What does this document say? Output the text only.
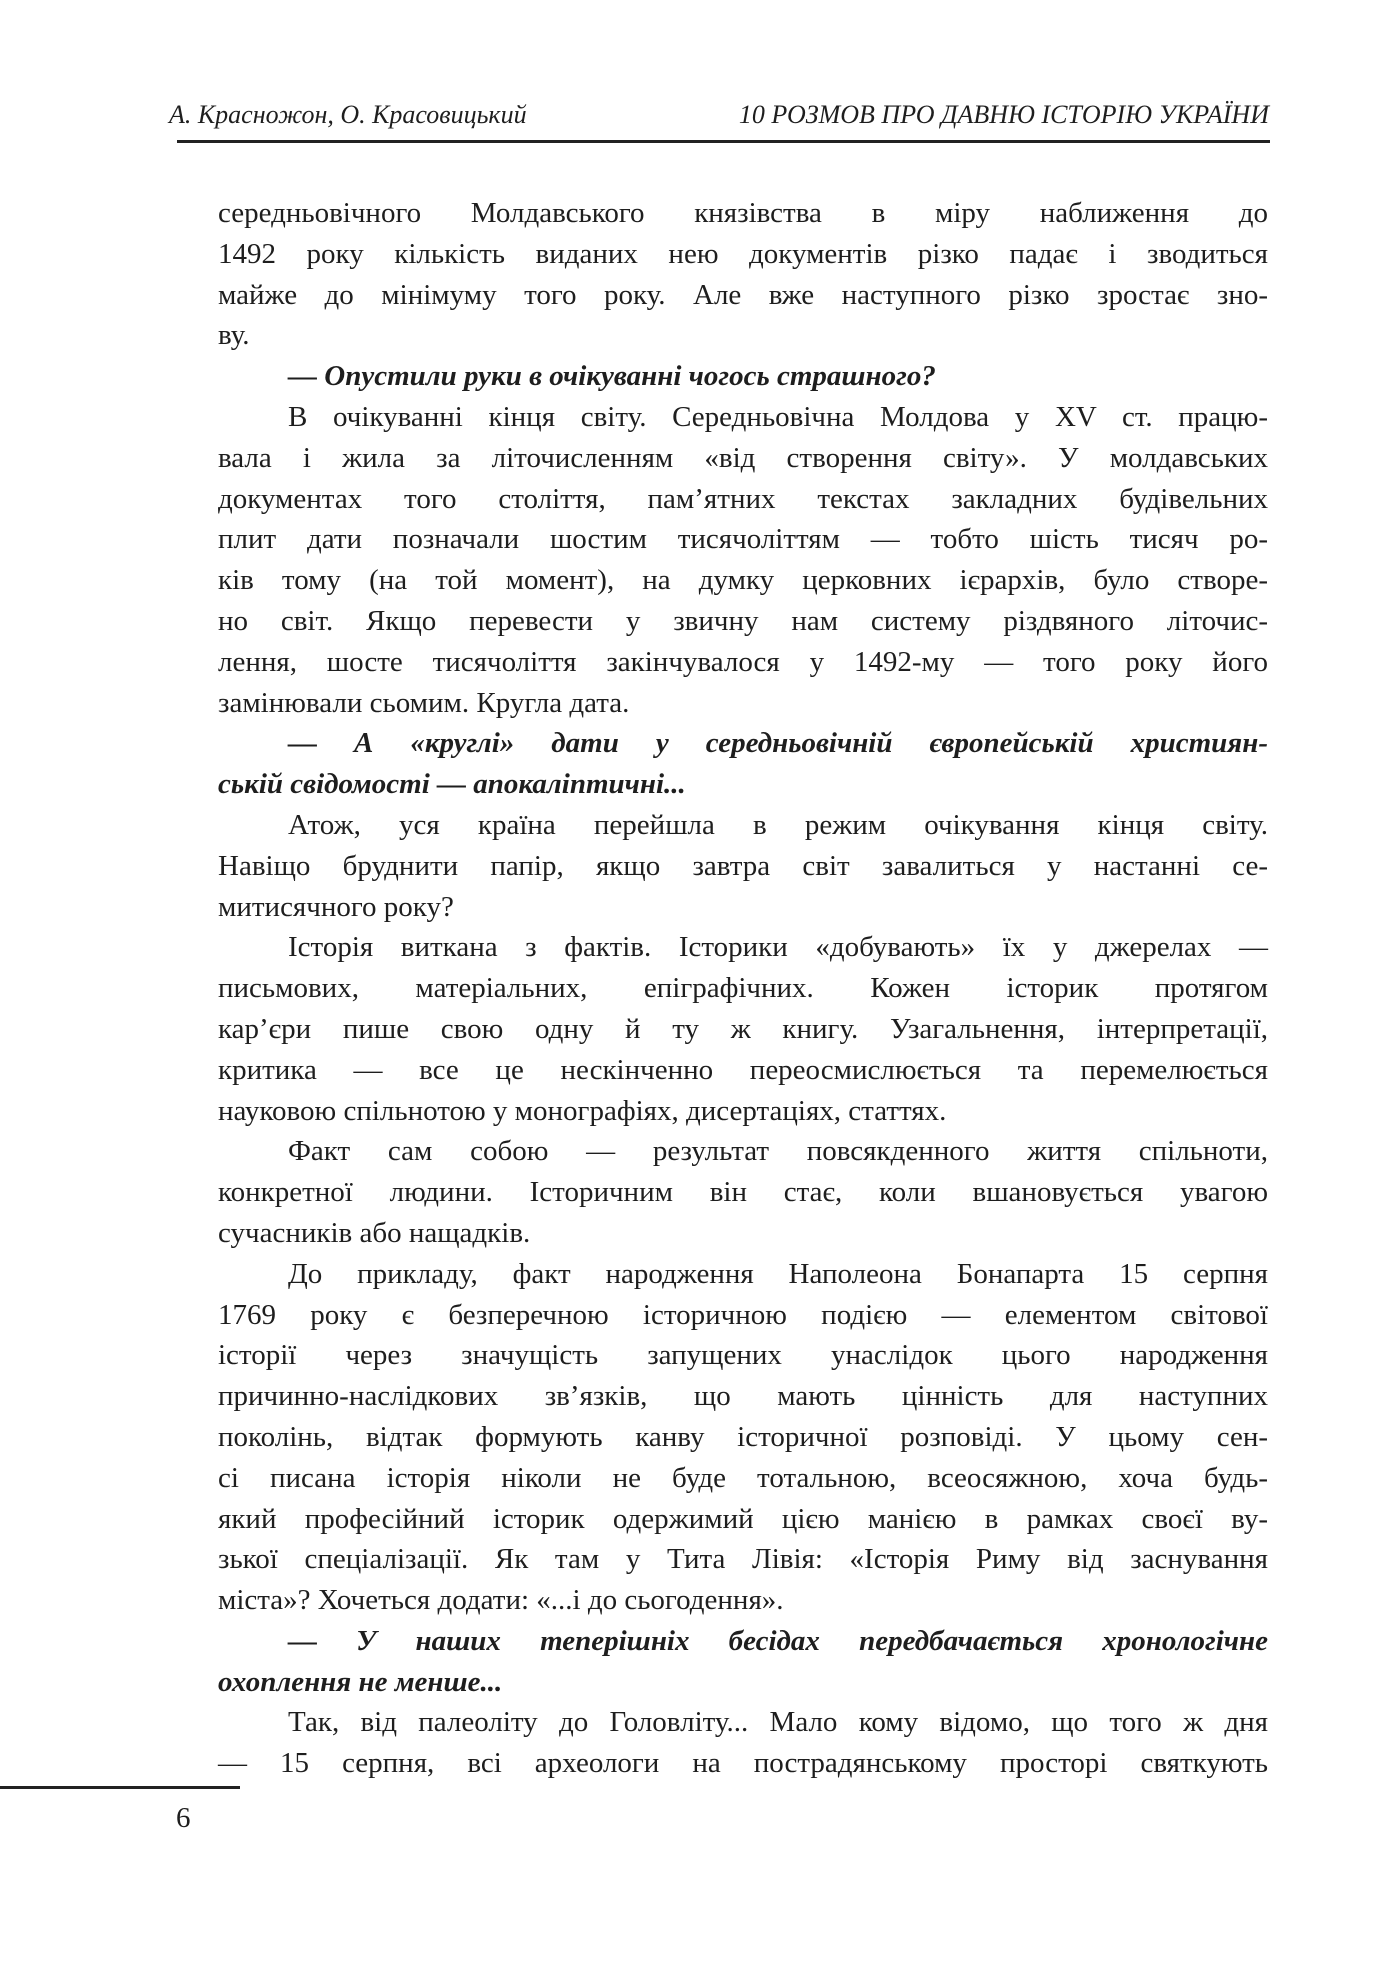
А. Красножон, О. Красовицький	10 РОЗМОВ ПРО ДАВНЮ ІСТОРІЮ УКРАЇНИ
середньовічного Молдавського князівства в міру наближення до
1492 року кількість виданих нею документів різко падає і зводиться
майже до мінімуму того року. Але вже наступного різко зростає зно-
ву.
— Опустили руки в очікуванні чогось страшного?
В очікуванні кінця світу. Середньовічна Молдова у XV ст. працю-
вала і жила за літочисленням «від створення світу». У молдавських
документах того століття, пам’ятних текстах закладних будівельних
плит дати позначали шостим тисячоліттям — тобто шість тисяч ро-
ків тому (на той момент), на думку церковних ієрархів, було створе-
но світ. Якщо перевести у звичну нам систему різдвяного літочис-
лення, шосте тисячоліття закінчувалося у 1492-му — того року його
замінювали сьомим. Кругла дата.
— А «круглі» дати у середньовічній європейській християн-
ській свідомості — апокаліптичні...
Атож, уся країна перейшла в режим очікування кінця світу.
Навіщо бруднити папір, якщо завтра світ завалиться у настанні се-
митисячного року?
Історія виткана з фактів. Історики «добувають» їх у джерелах —
письмових, матеріальних, епіграфічних. Кожен історик протягом
кар’єри пише свою одну й ту ж книгу. Узагальнення, інтерпретації,
критика — все це нескінченно переосмислюється та перемелюється
науковою спільнотою у монографіях, дисертаціях, статтях.
Факт сам собою — результат повсякденного життя спільноти,
конкретної людини. Історичним він стає, коли вшановується увагою
сучасників або нащадків.
До прикладу, факт народження Наполеона Бонапарта 15 серпня
1769 року є безперечною історичною подією — елементом світової
історії через значущість запущених унаслідок цього народження
причинно-наслідкових зв’язків, що мають цінність для наступних
поколінь, відтак формують канву історичної розповіді. У цьому сен-
сі писана історія ніколи не буде тотальною, всеосяжною, хоча будь-
який професійний історик одержимий цією манією в рамках своєї ву-
зької спеціалізації. Як там у Тита Лівія: «Історія Риму від заснування
міста»? Хочеться додати: «...і до сьогодення».
— У наших теперішніх бесідах передбачається хронологічне
охоплення не менше...
Так, від палеоліту до Головліту... Мало кому відомо, що того ж дня
— 15 серпня, всі археологи на пострадянському просторі святкують
6
